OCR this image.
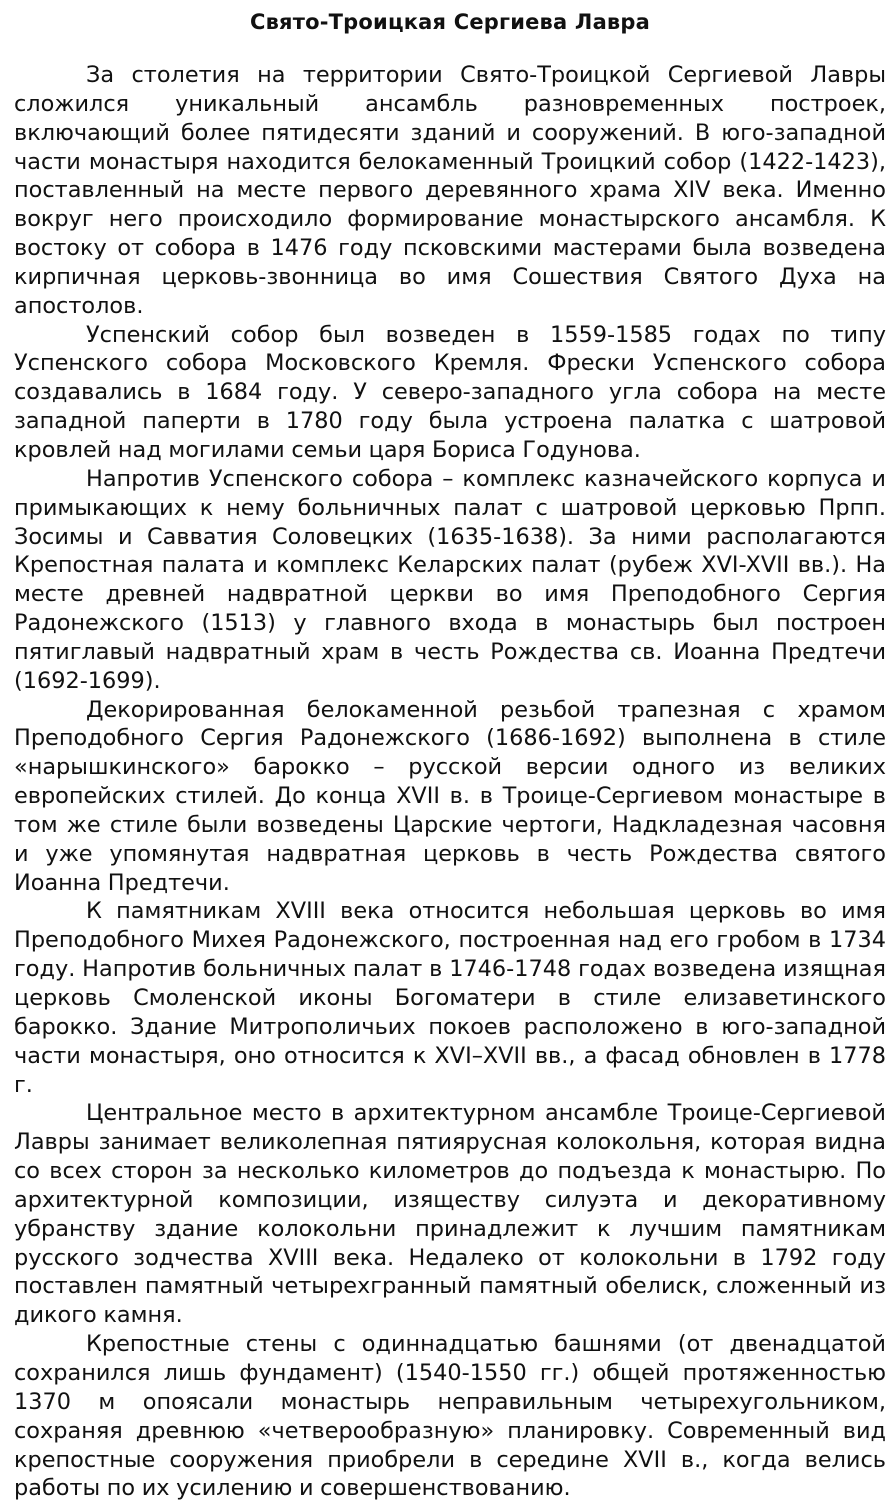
Свято-Троицкая Сергиева Лавра

За столетия на территории Свято-Троицкой Сергиевой Лавры сложился уникальный ансамбль разновременных построек, включающий более пятидесяти зданий и сооружений. В юго-западной части монастыря находится белокаменный Троицкий собор (1422-1423), поставленный на месте первого деревянного храма XIV века. Именно вокруг него происходило формирование монастырского ансамбля. К востоку от собора в 1476 году псковскими мастерами была возведена кирпичная церковь-звонница во имя Сошествия Святого Духа на апостолов.

Успенский собор был возведен в 1559-1585 годах по типу Успенского собора Московского Кремля. Фрески Успенского собора создавались в 1684 году. У северо-западного угла собора на месте западной паперти в 1780 году была устроена палатка с шатровой кровлей над могилами семьи царя Бориса Годунова.

Напротив Успенского собора – комплекс казначейского корпуса и примыкающих к нему больничных палат с шатровой церковью Прпп. Зосимы и Савватия Соловецких (1635-1638). За ними располагаются Крепостная палата и комплекс Келарских палат (рубеж XVI-XVII вв.). На месте древней надвратной церкви во имя Преподобного Сергия Радонежского (1513) у главного входа в монастырь был построен пятиглавый надвратный храм в честь Рождества св. Иоанна Предтечи (1692-1699).

Декорированная белокаменной резьбой трапезная с храмом Преподобного Сергия Радонежского (1686-1692) выполнена в стиле «нарышкинского» барокко – русской версии одного из великих европейских стилей. До конца XVII в. в Троице-Сергиевом монастыре в том же стиле были возведены Царские чертоги, Надкладезная часовня и уже упомянутая надвратная церковь в честь Рождества святого Иоанна Предтечи.

К памятникам XVIII века относится небольшая церковь во имя Преподобного Михея Радонежского, построенная над его гробом в 1734 году. Напротив больничных палат в 1746-1748 годах возведена изящная церковь Смоленской иконы Богоматери в стиле елизаветинского барокко. Здание Митрополичьих покоев расположено в юго-западной части монастыря, оно относится к XVI–XVII вв., а фасад обновлен в 1778 г.

Центральное место в архитектурном ансамбле Троице-Сергиевой Лавры занимает великолепная пятиярусная колокольня, которая видна со всех сторон за несколько километров до подъезда к монастырю. По архитектурной композиции, изяществу силуэта и декоративному убранству здание колокольни принадлежит к лучшим памятникам русского зодчества XVIII века. Недалеко от колокольни в 1792 году поставлен памятный четырехгранный памятный обелиск, сложенный из дикого камня.

Крепостные стены с одиннадцатью башнями (от двенадцатой сохранился лишь фундамент) (1540-1550 гг.) общей протяженностью 1370 м опоясали монастырь неправильным четырехугольником, сохраняя древнюю «четверообразную» планировку. Современный вид крепостные сооружения приобрели в середине XVII в., когда велись работы по их усилению и совершенствованию.
